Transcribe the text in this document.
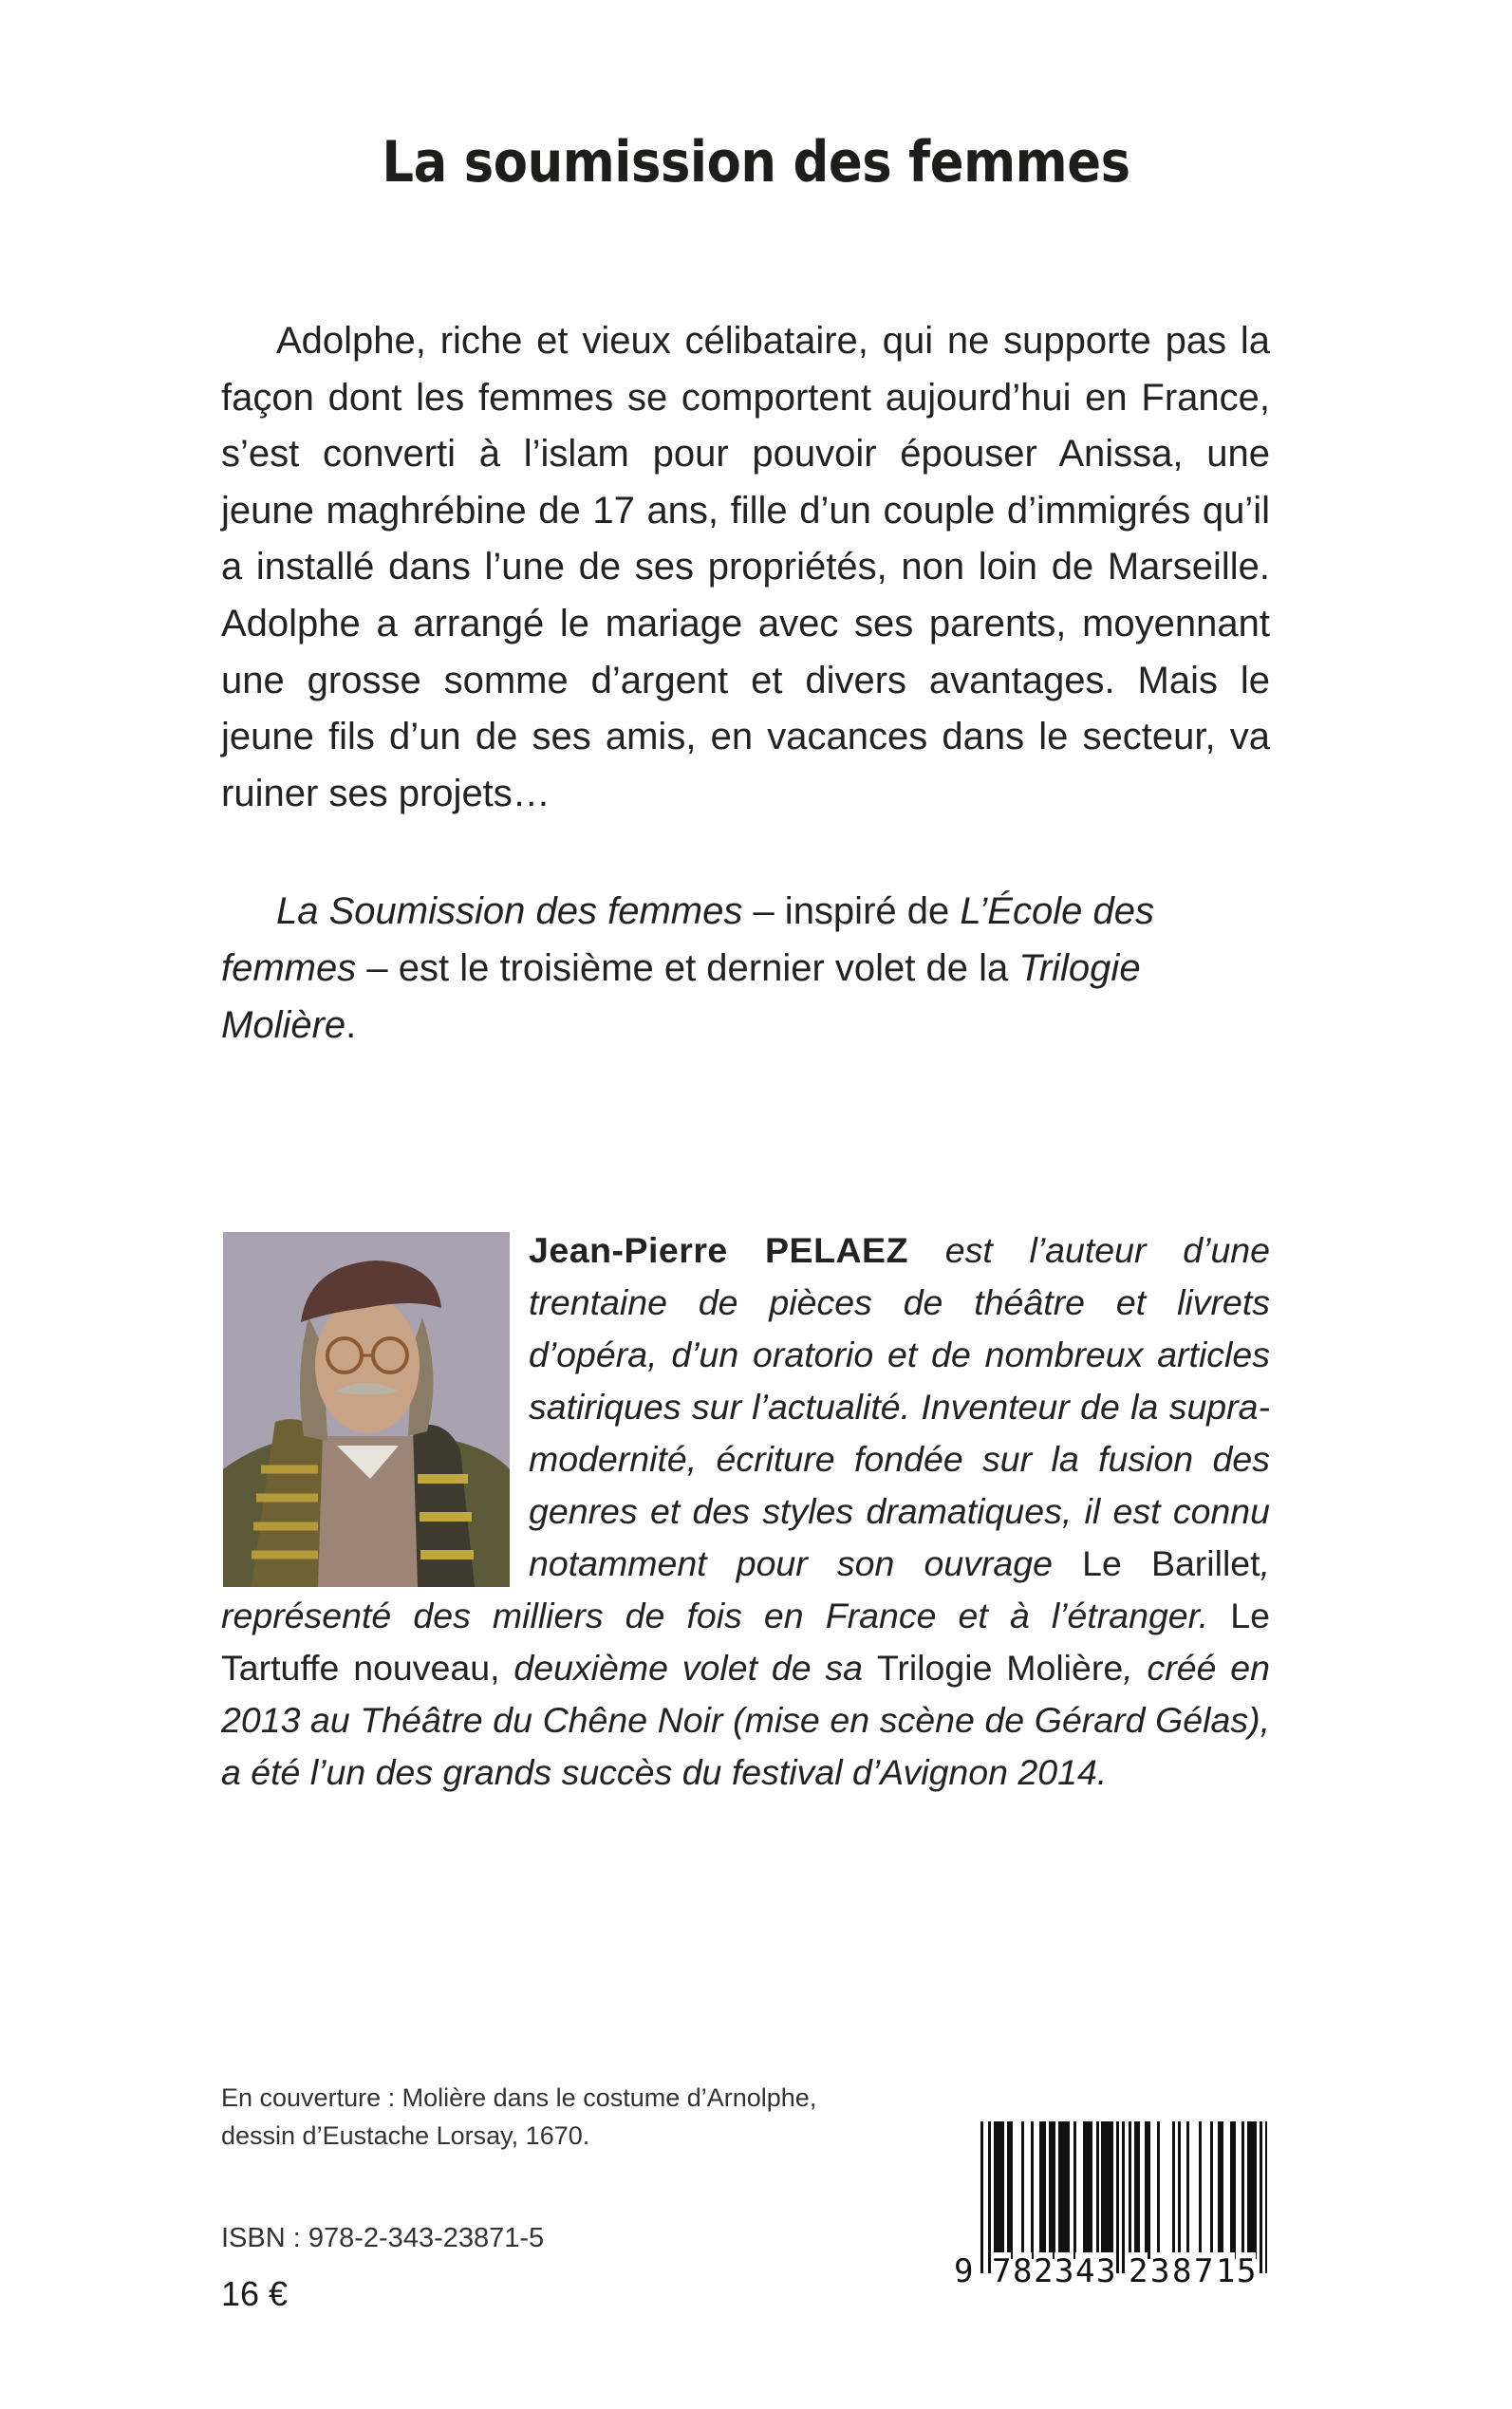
La soumission des femmes

Adolphe, riche et vieux célibataire, qui ne supporte pas la façon dont les femmes se comportent aujourd’hui en France, s’est converti à l’islam pour pouvoir épouser Anissa, une jeune maghrébine de 17 ans, fille d’un couple d’immigrés qu’il a installé dans l’une de ses propriétés, non loin de Marseille. Adolphe a arrangé le mariage avec ses parents, moyennant une grosse somme d’argent et divers avantages. Mais le jeune fils d’un de ses amis, en vacances dans le secteur, va ruiner ses projets…

La Soumission des femmes – inspiré de L’École des femmes – est le troisième et dernier volet de la Trilogie Molière.

Jean-Pierre PELAEZ est l’auteur d’une trentaine de pièces de théâtre et livrets d’opéra, d’un oratorio et de nombreux articles satiriques sur l’actualité. Inventeur de la supra-modernité, écriture fondée sur la fusion des genres et des styles dramatiques, il est connu notamment pour son ouvrage Le Barillet, représenté des milliers de fois en France et à l’étranger. Le Tartuffe nouveau, deuxième volet de sa Trilogie Molière, créé en 2013 au Théâtre du Chêne Noir (mise en scène de Gérard Gélas), a été l’un des grands succès du festival d’Avignon 2014.
En couverture : Molière dans le costume d’Arnolphe,
dessin d’Eustache Lorsay, 1670.
ISBN : 978-2-343-23871-5
16 €
9 7 8 2 3 4 3 2 3 8 7 1 5
